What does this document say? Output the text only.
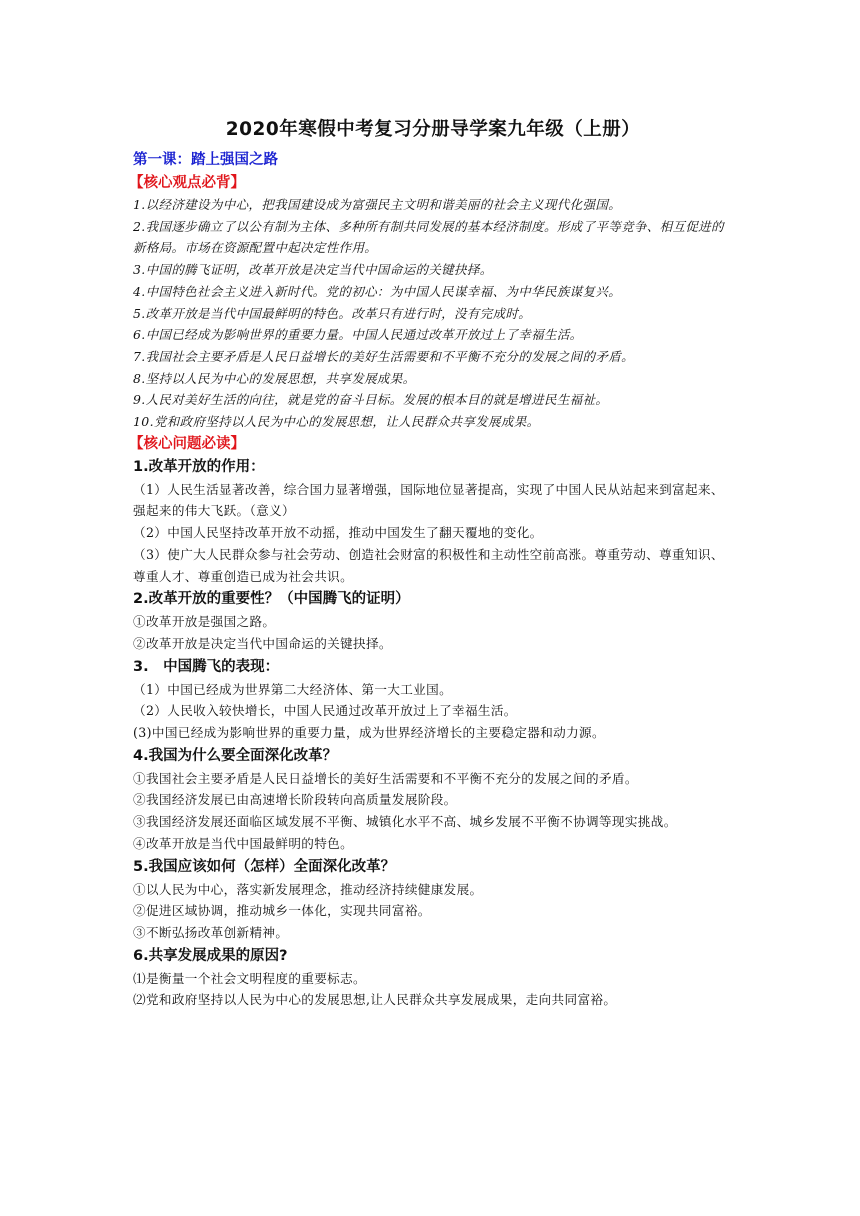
2020年寒假中考复习分册导学案九年级（上册）
第一课：踏上强国之路
【核心观点必背】
1.以经济建设为中心，把我国建设成为富强民主文明和谐美丽的社会主义现代化强国。
2.我国逐步确立了以公有制为主体、多种所有制共同发展的基本经济制度。形成了平等竞争、相互促进的新格局。市场在资源配置中起决定性作用。
3.中国的腾飞证明，改革开放是决定当代中国命运的关键抉择。
4.中国特色社会主义进入新时代。党的初心：为中国人民谋幸福、为中华民族谋复兴。
5.改革开放是当代中国最鲜明的特色。改革只有进行时，没有完成时。
6.中国已经成为影响世界的重要力量。中国人民通过改革开放过上了幸福生活。
7.我国社会主要矛盾是人民日益增长的美好生活需要和不平衡不充分的发展之间的矛盾。
8.坚持以人民为中心的发展思想，共享发展成果。
9.人民对美好生活的向往，就是党的奋斗目标。发展的根本目的就是增进民生福祉。
10.党和政府坚持以人民为中心的发展思想，让人民群众共享发展成果。
【核心问题必读】
1.改革开放的作用：
（1）人民生活显著改善，综合国力显著增强，国际地位显著提高，实现了中国人民从站起来到富起来、强起来的伟大飞跃。（意义）
（2）中国人民坚持改革开放不动摇，推动中国发生了翻天覆地的变化。
（3）使广大人民群众参与社会劳动、创造社会财富的积极性和主动性空前高涨。尊重劳动、尊重知识、尊重人才、尊重创造已成为社会共识。
2.改革开放的重要性？（中国腾飞的证明）
①改革开放是强国之路。
②改革开放是决定当代中国命运的关键抉择。
3.　中国腾飞的表现：
（1）中国已经成为世界第二大经济体、第一大工业国。
（2）人民收入较快增长，中国人民通过改革开放过上了幸福生活。
(3)中国已经成为影响世界的重要力量，成为世界经济增长的主要稳定器和动力源。
4.我国为什么要全面深化改革？
①我国社会主要矛盾是人民日益增长的美好生活需要和不平衡不充分的发展之间的矛盾。
②我国经济发展已由高速增长阶段转向高质量发展阶段。
③我国经济发展还面临区域发展不平衡、城镇化水平不高、城乡发展不平衡不协调等现实挑战。
④改革开放是当代中国最鲜明的特色。
5.我国应该如何（怎样）全面深化改革？
①以人民为中心，落实新发展理念，推动经济持续健康发展。
②促进区域协调，推动城乡一体化，实现共同富裕。
③不断弘扬改革创新精神。
6.共享发展成果的原因?
⑴是衡量一个社会文明程度的重要标志。
⑵党和政府坚持以人民为中心的发展思想,让人民群众共享发展成果，走向共同富裕。
